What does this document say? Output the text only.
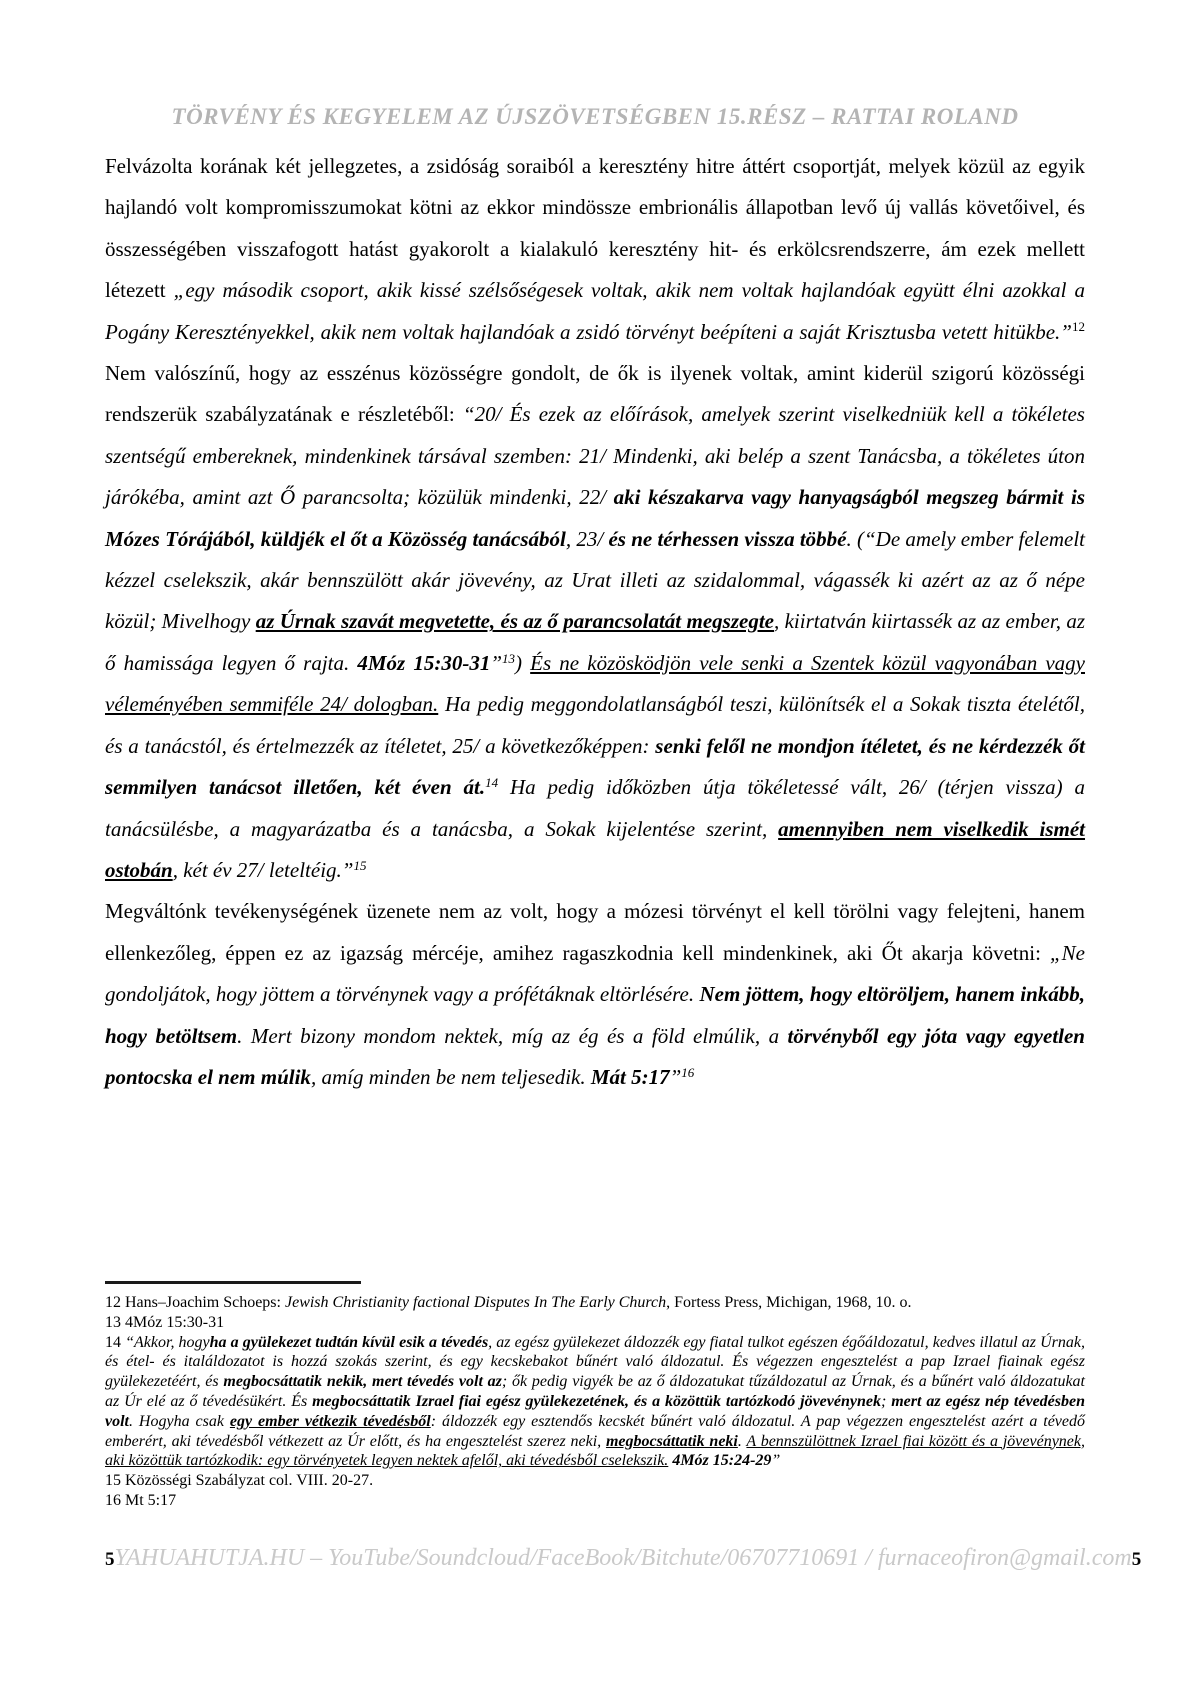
TÖRVÉNY ÉS KEGYELEM AZ ÚJSZÖVETSÉGBEN 15.RÉSZ – RATTAI ROLAND

Felvázolta korának két jellegzetes, a zsidóság soraiból a keresztény hitre áttért csoportját, melyek közül az egyik hajlandó volt kompromisszumokat kötni az ekkor mindössze embrionális állapotban levő új vallás követőivel, és összességében visszafogott hatást gyakorolt a kialakuló keresztény hit- és erkölcsrendszerre, ám ezek mellett létezett „egy második csoport, akik kissé szélsőségesek voltak, akik nem voltak hajlandóak együtt élni azokkal a Pogány Keresztényekkel, akik nem voltak hajlandóak a zsidó törvényt beépíteni a saját Krisztusba vetett hitükbe.”$^{12}$ Nem valószínű, hogy az esszénus közösségre gondolt, de ők is ilyenek voltak, amint kiderül szigorú közösségi rendszerük szabályzatának e részletéből: “20/ És ezek az előírások, amelyek szerint viselkedniük kell a tökéletes szentségű embereknek, mindenkinek társával szemben: 21/ Mindenki, aki belép a szent Tanácsba, a tökéletes úton járókéba, amint azt Ő parancsolta; közülük mindenki, 22/ aki készakarva vagy hanyagságból megszeg bármit is Mózes Tórájából, küldjék el őt a Közösség tanácsából, 23/ és ne térhessen vissza többé. (“De amely ember felemelt kézzel cselekszik, akár bennszülött akár jövevény, az Urat illeti az szidalommal, vágassék ki azért az az ő népe közül; Mivelhogy az Úrnak szavát megvetette, és az ő parancsolatát megszegte, kiirtatván kiirtassék az az ember, az ő hamissága legyen ő rajta. 4Móz 15:30-31”$^{13}$) És ne közösködjön vele senki a Szentek közül vagyonában vagy véleményében semmiféle 24/ dologban. Ha pedig meggondolatlanságból teszi, különítsék el a Sokak tiszta ételétől, és a tanácstól, és értelmezzék az ítéletet, 25/ a következőképpen: senki felől ne mondjon ítéletet, és ne kérdezzék őt semmilyen tanácsot illetően, két éven át.$^{14}$ Ha pedig időközben útja tökéletessé vált, 26/ (térjen vissza) a tanácsülésbe, a magyarázatba és a tanácsba, a Sokak kijelentése szerint, amennyiben nem viselkedik ismét ostobán, két év 27/ leteltéig.”$^{15}$

Megváltónk tevékenységének üzenete nem az volt, hogy a mózesi törvényt el kell törölni vagy felejteni, hanem ellenkezőleg, éppen ez az igazság mércéje, amihez ragaszkodnia kell mindenkinek, aki Őt akarja követni: „Ne gondoljátok, hogy jöttem a törvénynek vagy a prófétáknak eltörlésére. Nem jöttem, hogy eltöröljem, hanem inkább, hogy betöltsem. Mert bizony mondom nektek, míg az ég és a föld elmúlik, a törvényből egy jóta vagy egyetlen pontocska el nem múlik, amíg minden be nem teljesedik. Mát 5:17”$^{16}$

12 Hans–Joachim Schoeps: Jewish Christianity factional Disputes In The Early Church, Fortess Press, Michigan, 1968, 10. o.
13 4Móz 15:30-31
14 “Akkor, hogyha a gyülekezet tudtán kívül esik a tévedés, az egész gyülekezet áldozzék egy fiatal tulkot egészen égőáldozatul, kedves illatul az Úrnak, és étel- és italáldozatot is hozzá szokás szerint, és egy kecskebakot bűnért való áldozatul. És végezzen engesztelést a pap Izrael fiainak egész gyülekezetéért, és megbocsáttatik nekik, mert tévedés volt az; ők pedig vigyék be az ő áldozatukat tűzáldozatul az Úrnak, és a bűnért való áldozatukat az Úr elé az ő tévedésükért. És megbocsáttatik Izrael fiai egész gyülekezetének, és a közöttük tartózkodó jövevénynek; mert az egész nép tévedésben volt. Hogyha csak egy ember vétkezik tévedésből: áldozzék egy esztendős kecskét bűnért való áldozatul. A pap végezzen engesztelést azért a tévedő emberért, aki tévedésből vétkezett az Úr előtt, és ha engesztelést szerez neki, megbocsáttatik neki. A bennszülöttnek Izrael fiai között és a jövevénynek, aki közöttük tartózkodik: egy törvényetek legyen nektek afelől, aki tévedésből cselekszik. 4Móz 15:24-29”
15 Közösségi Szabályzat col. VIII. 20-27.
16 Mt 5:17
5 YAHUAHUTJA.HU – YouTube/Soundcloud/FaceBook/Bitchute/06707710691 / furnaceofiron@gmail.com 5
